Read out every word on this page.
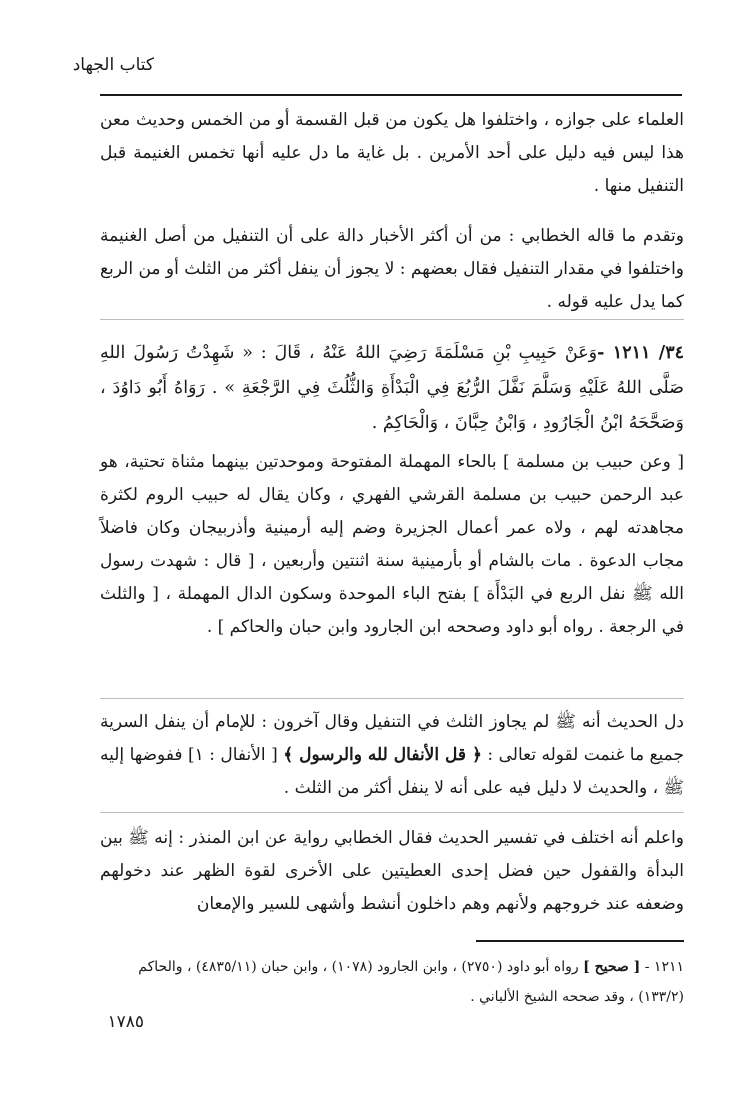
كتاب الجهاد

العلماء على جوازه ، واختلفوا هل يكون من قبل القسمة أو من الخمس وحديث معن هذا ليس فيه دليل على أحد الأمرين . بل غاية ما دل عليه أنها تخمس الغنيمة قبل التنفيل منها .

وتقدم ما قاله الخطابي : من أن أكثر الأخبار دالة على أن التنفيل من أصل الغنيمة واختلفوا في مقدار التنفيل فقال بعضهم : لا يجوز أن ينفل أكثر من الثلث أو من الربع كما يدل عليه قوله .

٣٤/ ١٢١١ -وَعَنْ حَبِيبِ بْنِ مَسْلَمَةَ رَضِيَ اللهُ عَنْهُ ، قَالَ : « شَهِدْتُ رَسُولَ اللهِ صَلَّى اللهُ عَلَيْهِ وَسَلَّمَ نَفَّلَ الرُّبُعَ فِي الْبَدْأَةِ وَالثُّلُثَ فِي الرَّجْعَةِ » . رَوَاهُ أَبُو دَاوُدَ ، وَصَحَّحَهُ ابْنُ الْجَارُودِ ، وَابْنُ حِبَّانَ ، وَالْحَاكِمُ .

[ وعن حبيب بن مسلمة ] بالحاء المهملة المفتوحة وموحدتين بينهما مثناة تحتية، هو عبد الرحمن حبيب بن مسلمة القرشي الفهري ، وكان يقال له حبيب الروم لكثرة مجاهدته لهم ، ولاه عمر أعمال الجزيرة وضم إليه أرمينية وأذربيجان وكان فاضلاً مجاب الدعوة . مات بالشام أو بأرمينية سنة اثنتين وأربعين ، [ قال : شهدت رسول الله ﷺ نفل الربع في البَدْأَة ] بفتح الباء الموحدة وسكون الدال المهملة ، [ والثلث في الرجعة . رواه أبو داود وصححه ابن الجارود وابن حبان والحاكم ] .

دل الحديث أنه ﷺ لم يجاوز الثلث في التنفيل وقال آخرون : للإمام أن ينفل السرية جميع ما غنمت لقوله تعالى : ﴿ قل الأنفال لله والرسول ﴾ [ الأنفال : ١] ففوضها إليه ﷺ ، والحديث لا دليل فيه على أنه لا ينفل أكثر من الثلث .

واعلم أنه اختلف في تفسير الحديث فقال الخطابي رواية عن ابن المنذر : إنه ﷺ بين البدأة والقفول حين فضل إحدى العطيتين على الأخرى لقوة الظهر عند دخولهم وضعفه عند خروجهم ولأنهم وهم داخلون أنشط وأشهى للسير والإمعان

١٢١١ - [ صحيح ] رواه أبو داود (٢٧٥٠) ، وابن الجارود (١٠٧٨) ، وابن حبان (٤٨٣٥/١١) ، والحاكم (١٣٣/٢) ، وقد صححه الشيخ الألباني .

١٧٨٥
